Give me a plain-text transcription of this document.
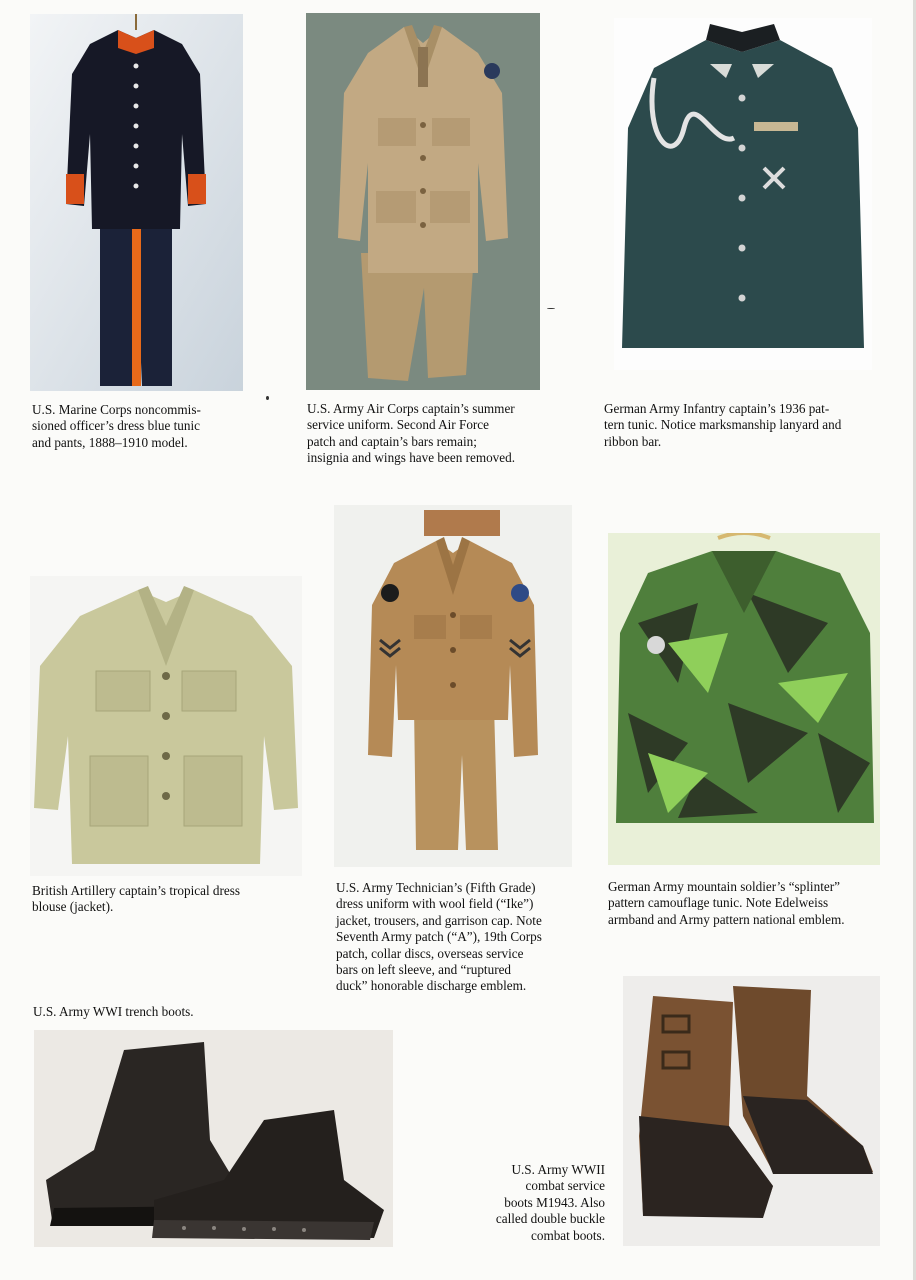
U.S. Marine Corps noncommis-
sioned officer’s dress blue tunic
and pants, 1888–1910 model.
U.S. Army Air Corps captain’s summer
service uniform. Second Air Force
patch and captain’s bars remain;
insignia and wings have been removed.
German Army Infantry captain’s 1936 pat-
tern tunic. Notice marksmanship lanyard and
ribbon bar.
British Artillery captain’s tropical dress
blouse (jacket).
U.S. Army Technician’s (Fifth Grade)
dress uniform with wool field (“Ike”)
jacket, trousers, and garrison cap. Note
Seventh Army patch (“A”), 19th Corps
patch, collar discs, overseas service
bars on left sleeve, and “ruptured
duck” honorable discharge emblem.
German Army mountain soldier’s “splinter”
pattern camouflage tunic. Note Edelweiss
armband and Army pattern national emblem.
U.S. Army WWI trench boots.
U.S. Army WWII
combat service
boots M1943. Also
called double buckle
combat boots.
